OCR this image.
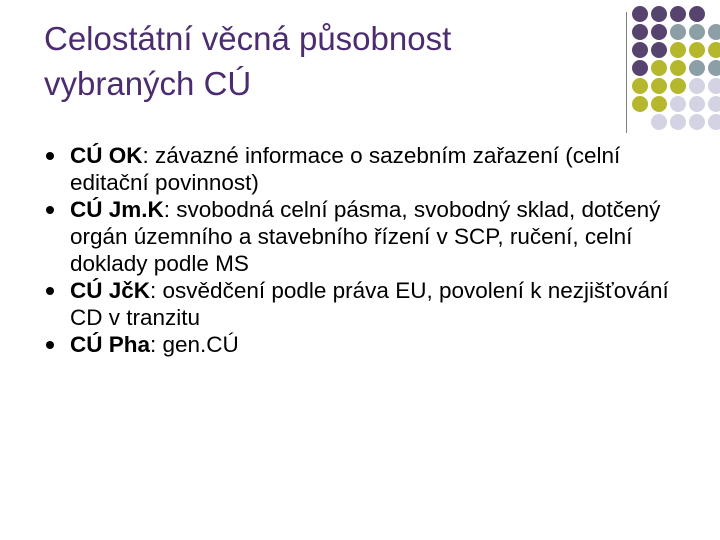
Celostátní věcná působnost
vybraných CÚ
CÚ OK: závazné informace o sazebním zařazení (celní editační povinnost)
CÚ Jm.K: svobodná celní pásma, svobodný sklad, dotčený orgán územního a stavebního řízení v SCP, ručení, celní doklady podle MS
CÚ JčK: osvědčení podle práva EU, povolení k nezjišťování CD v tranzitu
CÚ Pha: gen.CÚ
